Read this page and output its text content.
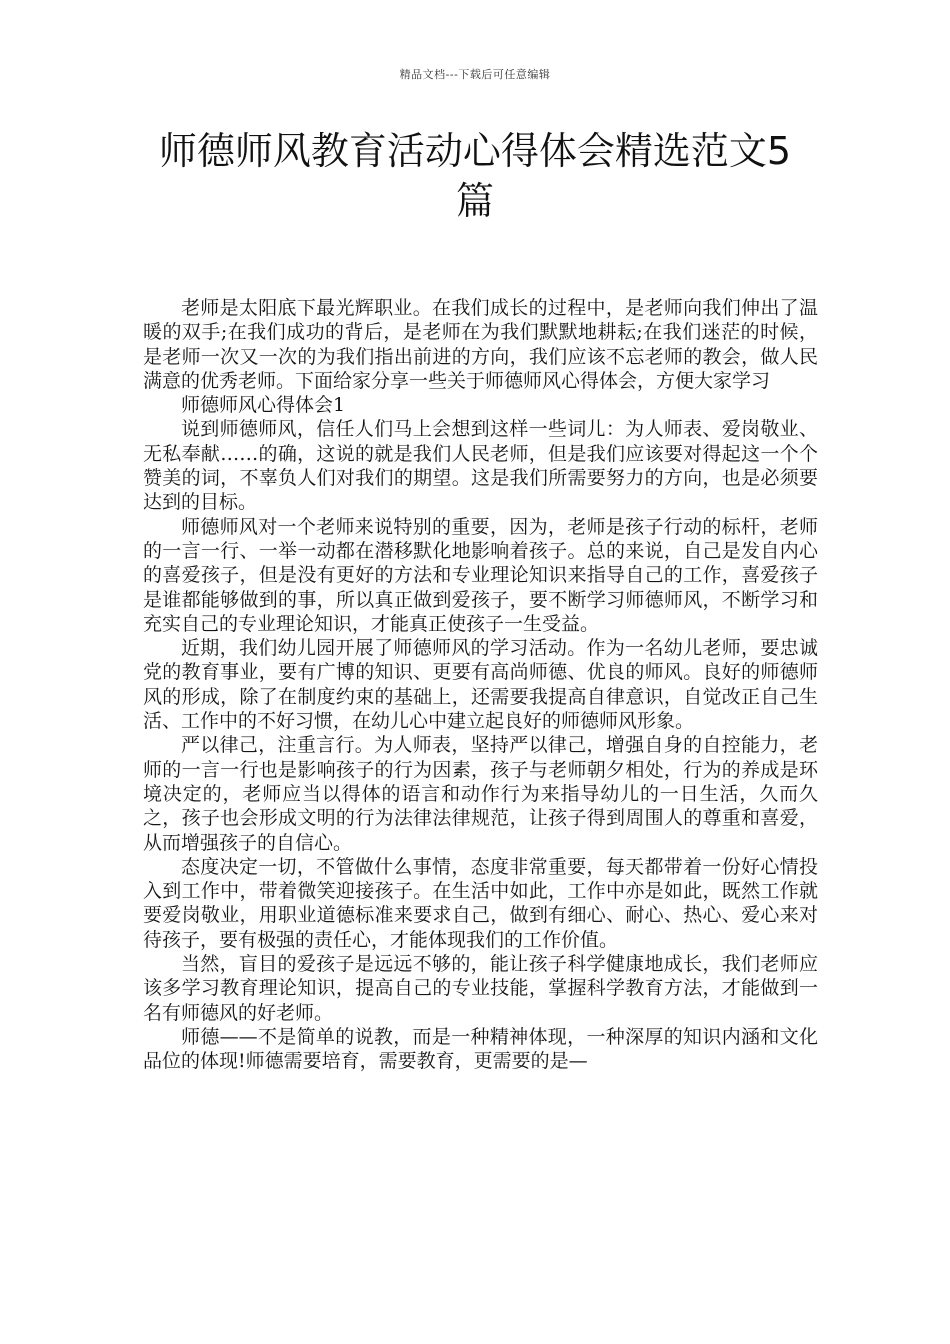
精品文档---下载后可任意编辑
师德师风教育活动心得体会精选范文5篇

老师是太阳底下最光辉职业。在我们成长的过程中，是老师向我们伸出了温暖的双手;在我们成功的背后，是老师在为我们默默地耕耘;在我们迷茫的时候，是老师一次又一次的为我们指出前进的方向，我们应该不忘老师的教会，做人民满意的优秀老师。下面给家分享一些关于师德师风心得体会，方便大家学习

师德师风心得体会1

说到师德师风，信任人们马上会想到这样一些词儿：为人师表、爱岗敬业、无私奉献……的确，这说的就是我们人民老师，但是我们应该要对得起这一个个赞美的词，不辜负人们对我们的期望。这是我们所需要努力的方向，也是必须要达到的目标。

师德师风对一个老师来说特别的重要，因为，老师是孩子行动的标杆，老师的一言一行、一举一动都在潜移默化地影响着孩子。总的来说，自己是发自内心的喜爱孩子，但是没有更好的方法和专业理论知识来指导自己的工作，喜爱孩子是谁都能够做到的事，所以真正做到爱孩子，要不断学习师德师风，不断学习和充实自己的专业理论知识，才能真正使孩子一生受益。

近期，我们幼儿园开展了师德师风的学习活动。作为一名幼儿老师，要忠诚党的教育事业，要有广博的知识、更要有高尚师德、优良的师风。良好的师德师风的形成，除了在制度约束的基础上，还需要我提高自律意识，自觉改正自己生活、工作中的不好习惯，在幼儿心中建立起良好的师德师风形象。

严以律己，注重言行。为人师表，坚持严以律己，增强自身的自控能力，老师的一言一行也是影响孩子的行为因素，孩子与老师朝夕相处，行为的养成是环境决定的，老师应当以得体的语言和动作行为来指导幼儿的一日生活，久而久之，孩子也会形成文明的行为法律法律规范，让孩子得到周围人的尊重和喜爱，从而增强孩子的自信心。

态度决定一切，不管做什么事情，态度非常重要，每天都带着一份好心情投入到工作中，带着微笑迎接孩子。在生活中如此，工作中亦是如此，既然工作就要爱岗敬业，用职业道德标准来要求自己，做到有细心、耐心、热心、爱心来对待孩子，要有极强的责任心，才能体现我们的工作价值。

当然，盲目的爱孩子是远远不够的，能让孩子科学健康地成长，我们老师应该多学习教育理论知识，提高自己的专业技能，掌握科学教育方法，才能做到一名有师德风的好老师。

师德——不是简单的说教，而是一种精神体现，一种深厚的知识内涵和文化品位的体现!师德需要培育，需要教育，更需要的是—
